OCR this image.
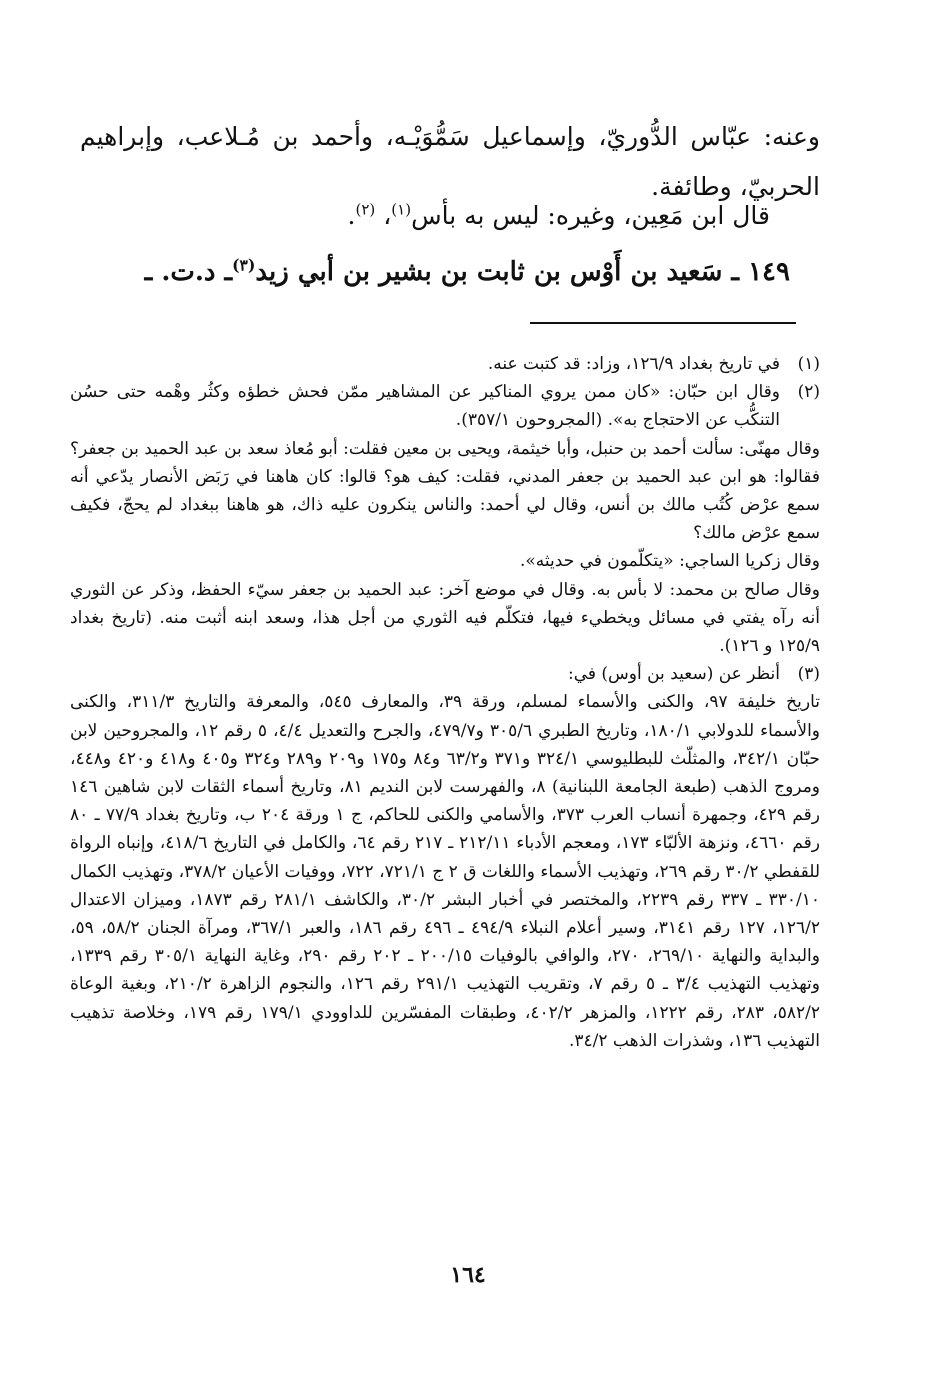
وعنه: عبّاس الدُّوريّ، وإسماعيل سَمُّوَيْـه، وأحمد بن مُـلاعب، وإبراهيم الحربيّ، وطائفة.

قال ابن مَعِين، وغيره: ليس به بأس$^{(١)}$، $^{(٢)}$.
١٤٩ ـ سَعيد بن أَوْس بن ثابت بن بشير بن أبي زيد$^{(٣)}$ـ د.ت. ـ
(١)
في تاريخ بغداد ١٢٦/٩، وزاد: قد كتبت عنه.
(٢)
وقال ابن حبّان: «كان ممن يروي المناكير عن المشاهير ممّن فحش خطؤه وكثُر وهْمه حتى حسُن التنكُّب عن الاحتجاج به». (المجروحون ٣٥٧/١).
وقال مهنّى: سألت أحمد بن حنبل، وأبا خيثمة، ويحيى بن معين فقلت: أبو مُعاذ سعد بن عبد الحميد بن جعفر؟ فقالوا: هو ابن عبد الحميد بن جعفر المدني، فقلت: كيف هو؟ قالوا: كان هاهنا في رَبَض الأنصار يدّعي أنه سمع عرْض كُتُب مالك بن أنس، وقال لي أحمد: والناس ينكرون عليه ذاك، هو هاهنا ببغداد لم يحجّ، فكيف سمع عرْض مالك؟
وقال زكريا الساجي: «يتكلّمون في حديثه».
وقال صالح بن محمد: لا بأس به. وقال في موضع آخر: عبد الحميد بن جعفر سيّء الحفظ، وذكر عن الثوري أنه رآه يفتي في مسائل ويخطيء فيها، فتكلّم فيه الثوري من أجل هذا، وسعد ابنه أثبت منه. (تاريخ بغداد ١٢٥/٩ و ١٢٦).
(٣)
أنظر عن (سعيد بن أوس) في:
تاريخ خليفة ٩٧، والكنى والأسماء لمسلم، ورقة ٣٩، والمعارف ٥٤٥، والمعرفة والتاريخ ٣١١/٣، والكنى والأسماء للدولابي ١٨٠/١، وتاريخ الطبري ٣٠٥/٦ و٤٧٩/٧، والجرح والتعديل ٤/٤، ٥ رقم ١٢، والمجروحين لابن حبّان ٣٤٢/١، والمثلّث للبطليوسي ٣٢٤/١ و٣٧١ و٦٣/٢ و٨٤ و١٧٥ و٢٠٩ و٢٨٩ و٣٢٤ و٤٠٥ و٤١٨ و٤٢٠ و٤٤٨، ومروج الذهب (طبعة الجامعة اللبنانية) ٨، والفهرست لابن النديم ٨١، وتاريخ أسماء الثقات لابن شاهين ١٤٦ رقم ٤٢٩، وجمهرة أنساب العرب ٣٧٣، والأسامي والكنى للحاكم، ج ١ ورقة ٢٠٤ ب، وتاريخ بغداد ٧٧/٩ ـ ٨٠ رقم ٤٦٦٠، ونزهة الألبّاء ١٧٣، ومعجم الأدباء ٢١٢/١١ ـ ٢١٧ رقم ٦٤، والكامل في التاريخ ٤١٨/٦، وإنباه الرواة للقفطي ٣٠/٢ رقم ٢٦٩، وتهذيب الأسماء واللغات ق ٢ ج ٧٢١/١، ٧٢٢، ووفيات الأعيان ٣٧٨/٢، وتهذيب الكمال ٣٣٠/١٠ ـ ٣٣٧ رقم ٢٢٣٩، والمختصر في أخبار البشر ٣٠/٢، والكاشف ٢٨١/١ رقم ١٨٧٣، وميزان الاعتدال ١٢٦/٢، ١٢٧ رقم ٣١٤١، وسير أعلام النبلاء ٤٩٤/٩ ـ ٤٩٦ رقم ١٨٦، والعبر ٣٦٧/١، ومرآة الجنان ٥٨/٢، ٥٩، والبداية والنهاية ٢٦٩/١٠، ٢٧٠، والوافي بالوفيات ٢٠٠/١٥ ـ ٢٠٢ رقم ٢٩٠، وغاية النهاية ٣٠٥/١ رقم ١٣٣٩، وتهذيب التهذيب ٣/٤ ـ ٥ رقم ٧، وتقريب التهذيب ٢٩١/١ رقم ١٢٦، والنجوم الزاهرة ٢١٠/٢، وبغية الوعاة ٥٨٢/٢، ٢٨٣، رقم ١٢٢٢، والمزهر ٤٠٢/٢، وطبقات المفسّرين للداوودي ١٧٩/١ رقم ١٧٩، وخلاصة تذهيب التهذيب ١٣٦، وشذرات الذهب ٣٤/٢.
١٦٤
